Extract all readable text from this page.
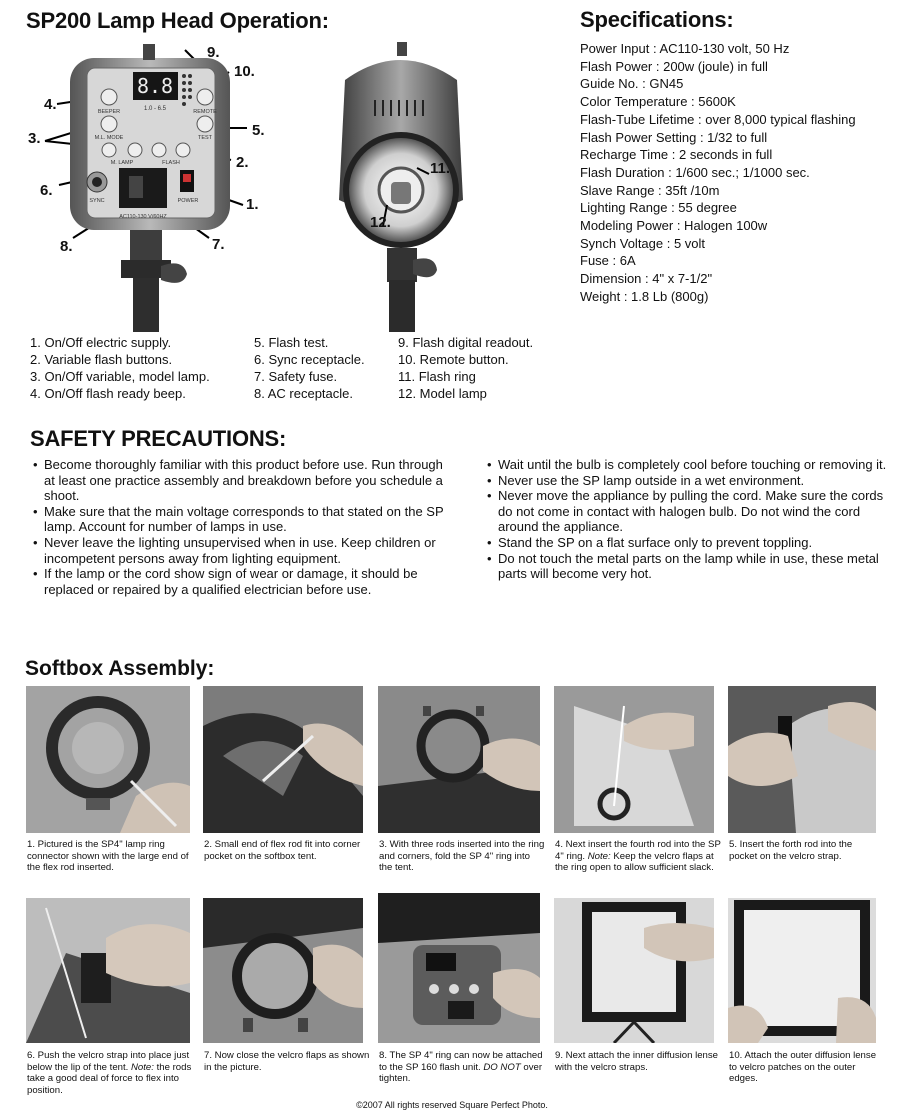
SP200 Lamp Head Operation:
8.8
1.0 - 6.5
BEEPER	REMOTE
M.L. MODE	TEST
M. LAMP	FLASH
SYNC
AC110-130 V/60HZ
POWER
9.
10.
4.
3.	5.
2.
6.
1.
8.	7.
11.
12.
Specifications:
Power Input : AC110-130 volt, 50 Hz
Flash Power : 200w (joule) in full
Guide No. : GN45
Color Temperature : 5600K
Flash-Tube Lifetime : over 8,000 typical flashing
Flash Power Setting : 1/32 to full
Recharge Time : 2 seconds in full
Flash Duration : 1/600 sec.; 1/1000 sec.
Slave Range : 35ft /10m
Lighting Range : 55 degree
Modeling Power : Halogen 100w
Synch Voltage : 5 volt
Fuse : 6A
Dimension : 4" x 7-1/2"
Weight : 1.8 Lb (800g)
1. On/Off electric supply.
2. Variable flash buttons.
3. On/Off variable, model lamp.
4. On/Off flash ready beep.
5. Flash test.
6. Sync receptacle.
7. Safety fuse.
8. AC receptacle.
9. Flash digital readout.
10. Remote button.
11. Flash ring
12. Model lamp
SAFETY PRECAUTIONS:
• Become thoroughly familiar with this product before use. Run through at least one practice assembly and breakdown before you schedule a shoot.
• Make sure that the main voltage corresponds to that stated on the SP lamp. Account for number of lamps in use.
• Never leave the lighting unsupervised when in use. Keep children or incompetent persons away from lighting equipment.
• If the lamp or the cord show sign of wear or damage, it should be replaced or repaired by a qualified electrician before use.
• Wait until the bulb is completely cool before touching or removing it.
• Never use the SP lamp outside in a wet environment.
• Never move the appliance by pulling the cord. Make sure the cords do not come in contact with halogen bulb. Do not wind the cord around the appliance.
• Stand the SP on a flat surface only to prevent toppling.
• Do not touch the metal parts on the lamp while in use, these metal parts will become very hot.
Softbox Assembly:
1. Pictured is the SP4" lamp ring connector shown with the large end of the flex rod inserted.
2. Small end of flex rod fit into corner pocket on the softbox tent.
3. With three rods inserted into the ring and corners, fold the SP 4" ring into the tent.
4. Next insert the fourth rod into the SP 4" ring. Note: Keep the velcro flaps at the ring open to allow sufficient slack.
5. Insert the forth rod into the pocket on the velcro strap.
6. Push the velcro strap into place just below the lip of the tent. Note: the rods take a good deal of force to flex into position.
7. Now close the velcro flaps as shown in the picture.
8. The SP 4" ring can now be attached to the SP 160 flash unit. DO NOT over tighten.
9. Next attach the inner diffusion lense with the velcro straps.
10. Attach the outer diffusion lense to velcro patches on the outer edges.
©2007 All rights reserved Square Perfect Photo.
